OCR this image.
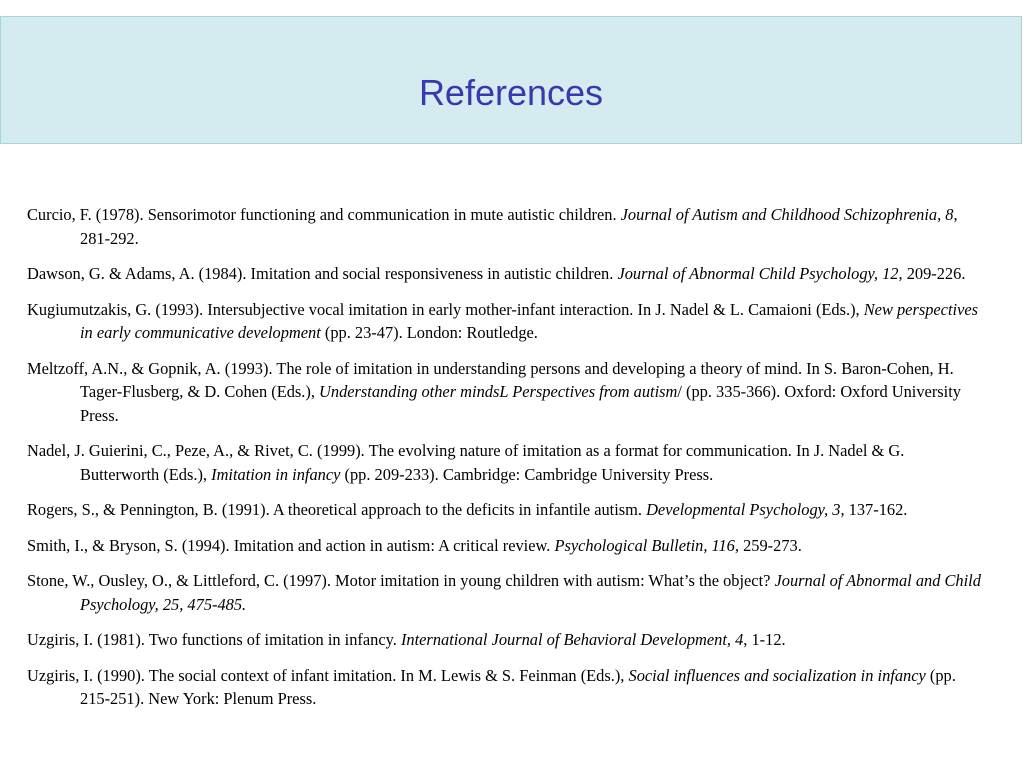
References

Curcio, F. (1978). Sensorimotor functioning and communication in mute autistic children. Journal of Autism and Childhood Schizophrenia, 8, 281-292.

Dawson, G. & Adams, A. (1984). Imitation and social responsiveness in autistic children. Journal of Abnormal Child Psychology, 12, 209-226.

Kugiumutzakis, G. (1993). Intersubjective vocal imitation in early mother-infant interaction. In J. Nadel & L. Camaioni (Eds.), New perspectives in early communicative development (pp. 23-47). London: Routledge.

Meltzoff, A.N., & Gopnik, A. (1993). The role of imitation in understanding persons and developing a theory of mind. In S. Baron-Cohen, H. Tager-Flusberg, & D. Cohen (Eds.), Understanding other mindsL Perspectives from autism/ (pp. 335-366). Oxford: Oxford University Press.

Nadel, J. Guierini, C., Peze, A., & Rivet, C. (1999). The evolving nature of imitation as a format for communication. In J. Nadel & G. Butterworth (Eds.), Imitation in infancy (pp. 209-233). Cambridge: Cambridge University Press.

Rogers, S., & Pennington, B. (1991). A theoretical approach to the deficits in infantile autism. Developmental Psychology, 3, 137-162.

Smith, I., & Bryson, S. (1994). Imitation and action in autism: A critical review. Psychological Bulletin, 116, 259-273.

Stone, W., Ousley, O., & Littleford, C. (1997). Motor imitation in young children with autism: What’s the object? Journal of Abnormal and Child Psychology, 25, 475-485.

Uzgiris, I. (1981). Two functions of imitation in infancy. International Journal of Behavioral Development, 4, 1-12.

Uzgiris, I. (1990). The social context of infant imitation. In M. Lewis & S. Feinman (Eds.), Social influences and socialization in infancy (pp. 215-251). New York: Plenum Press.
